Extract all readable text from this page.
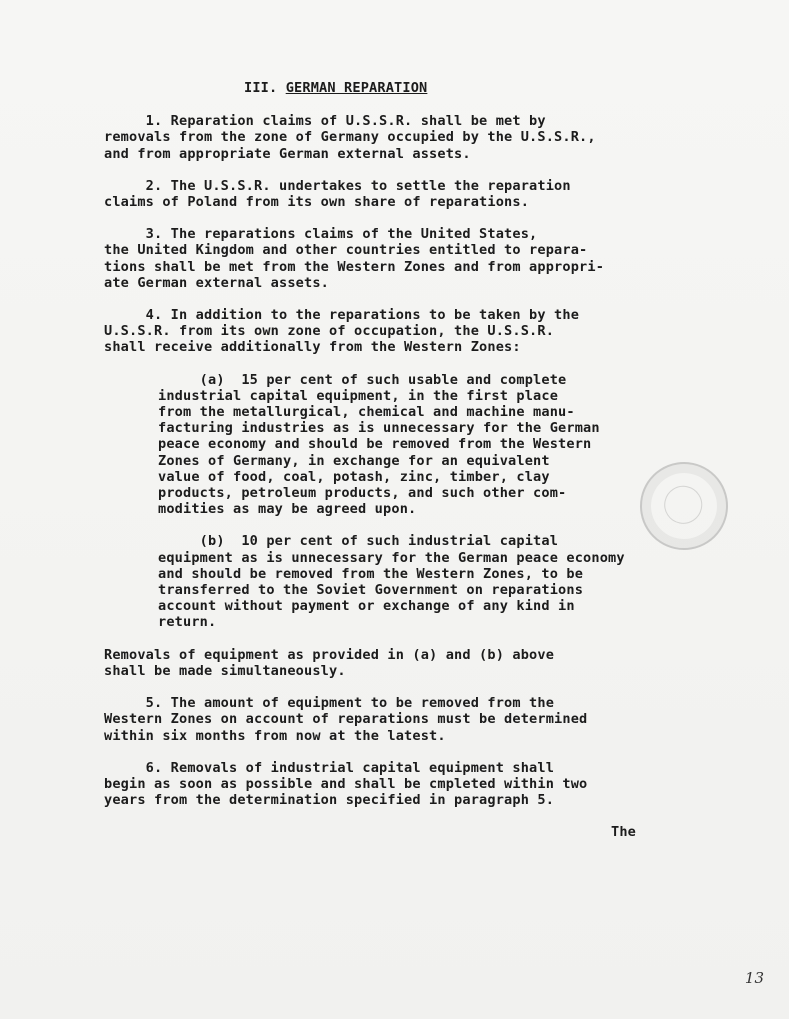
III. GERMAN REPARATION
1. Reparation claims of U.S.S.R. shall be met by
removals from the zone of Germany occupied by the U.S.S.R.,
and from appropriate German external assets.
2. The U.S.S.R. undertakes to settle the reparation
claims of Poland from its own share of reparations.
3. The reparations claims of the United States,
the United Kingdom and other countries entitled to repara-
tions shall be met from the Western Zones and from appropri-
ate German external assets.
4. In addition to the reparations to be taken by the
U.S.S.R. from its own zone of occupation, the U.S.S.R.
shall receive additionally from the Western Zones:
(a)  15 per cent of such usable and complete
industrial capital equipment, in the first place
from the metallurgical, chemical and machine manu-
facturing industries as is unnecessary for the German
peace economy and should be removed from the Western
Zones of Germany, in exchange for an equivalent
value of food, coal, potash, zinc, timber, clay
products, petroleum products, and such other com-
modities as may be agreed upon.
(b)  10 per cent of such industrial capital
equipment as is unnecessary for the German peace economy
and should be removed from the Western Zones, to be
transferred to the Soviet Government on reparations
account without payment or exchange of any kind in
return.
Removals of equipment as provided in (a) and (b) above
shall be made simultaneously.
5. The amount of equipment to be removed from the
Western Zones on account of reparations must be determined
within six months from now at the latest.
6. Removals of industrial capital equipment shall
begin as soon as possible and shall be cmpleted within two
years from the determination specified in paragraph 5.
The
13
